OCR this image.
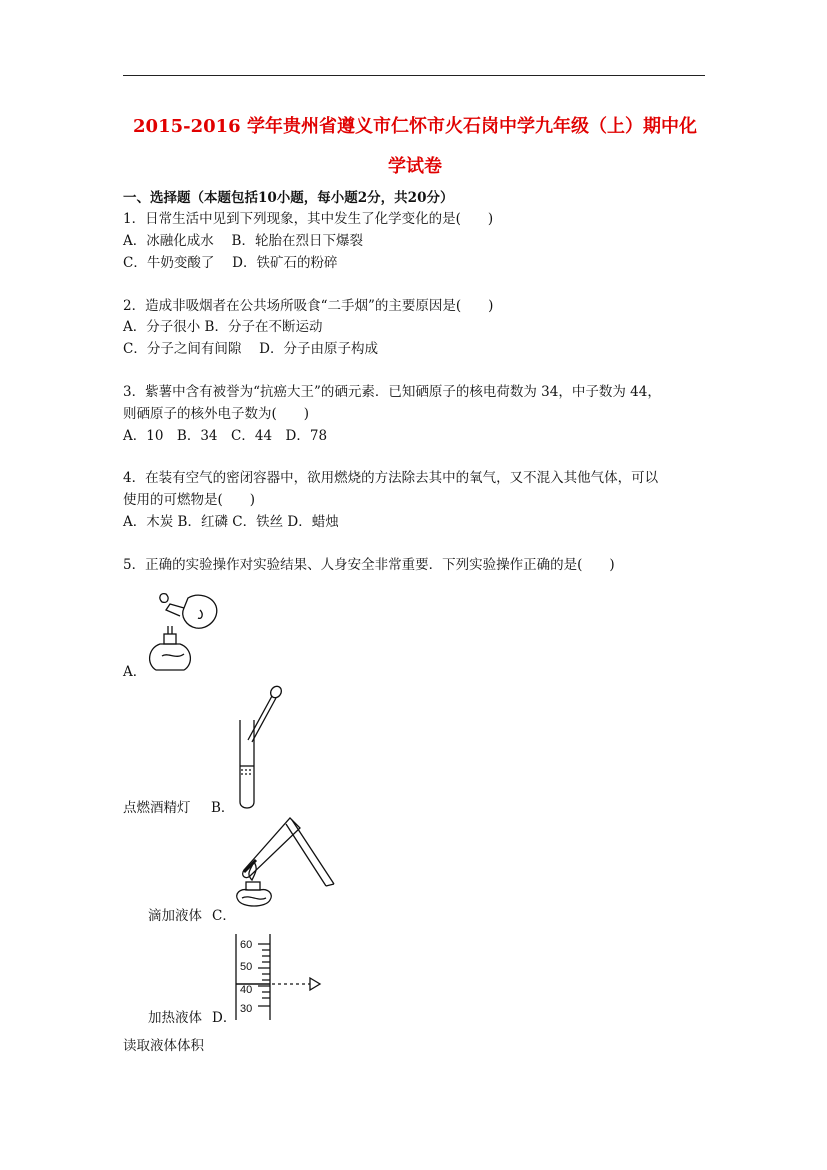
2015-2016 学年贵州省遵义市仁怀市火石岗中学九年级（上）期中化
学试卷
一、选择题（本题包括10小题，每小题2分，共20分）
1．日常生活中见到下列现象，其中发生了化学变化的是(　　)
A．冰融化成水　 B．轮胎在烈日下爆裂
C．牛奶变酸了　 D．铁矿石的粉碎
2．造成非吸烟者在公共场所吸食“二手烟”的主要原因是(　　)
A．分子很小 B．分子在不断运动
C．分子之间有间隙　 D．分子由原子构成
3．紫薯中含有被誉为“抗癌大王”的硒元素．已知硒原子的核电荷数为 34，中子数为 44，
则硒原子的核外电子数为(　　)
A．10　B．34　C．44　D．78
4．在装有空气的密闭容器中，欲用燃烧的方法除去其中的氧气，又不混入其他气体，可以
使用的可燃物是(　　)
A．木炭 B．红磷 C．铁丝 D．蜡烛
5．正确的实验操作对实验结果、人身安全非常重要．下列实验操作正确的是(　　)
A．
点燃酒精灯 B．
滴加液体 C．
60
50
40
30
加热液体 D．
读取液体体积
